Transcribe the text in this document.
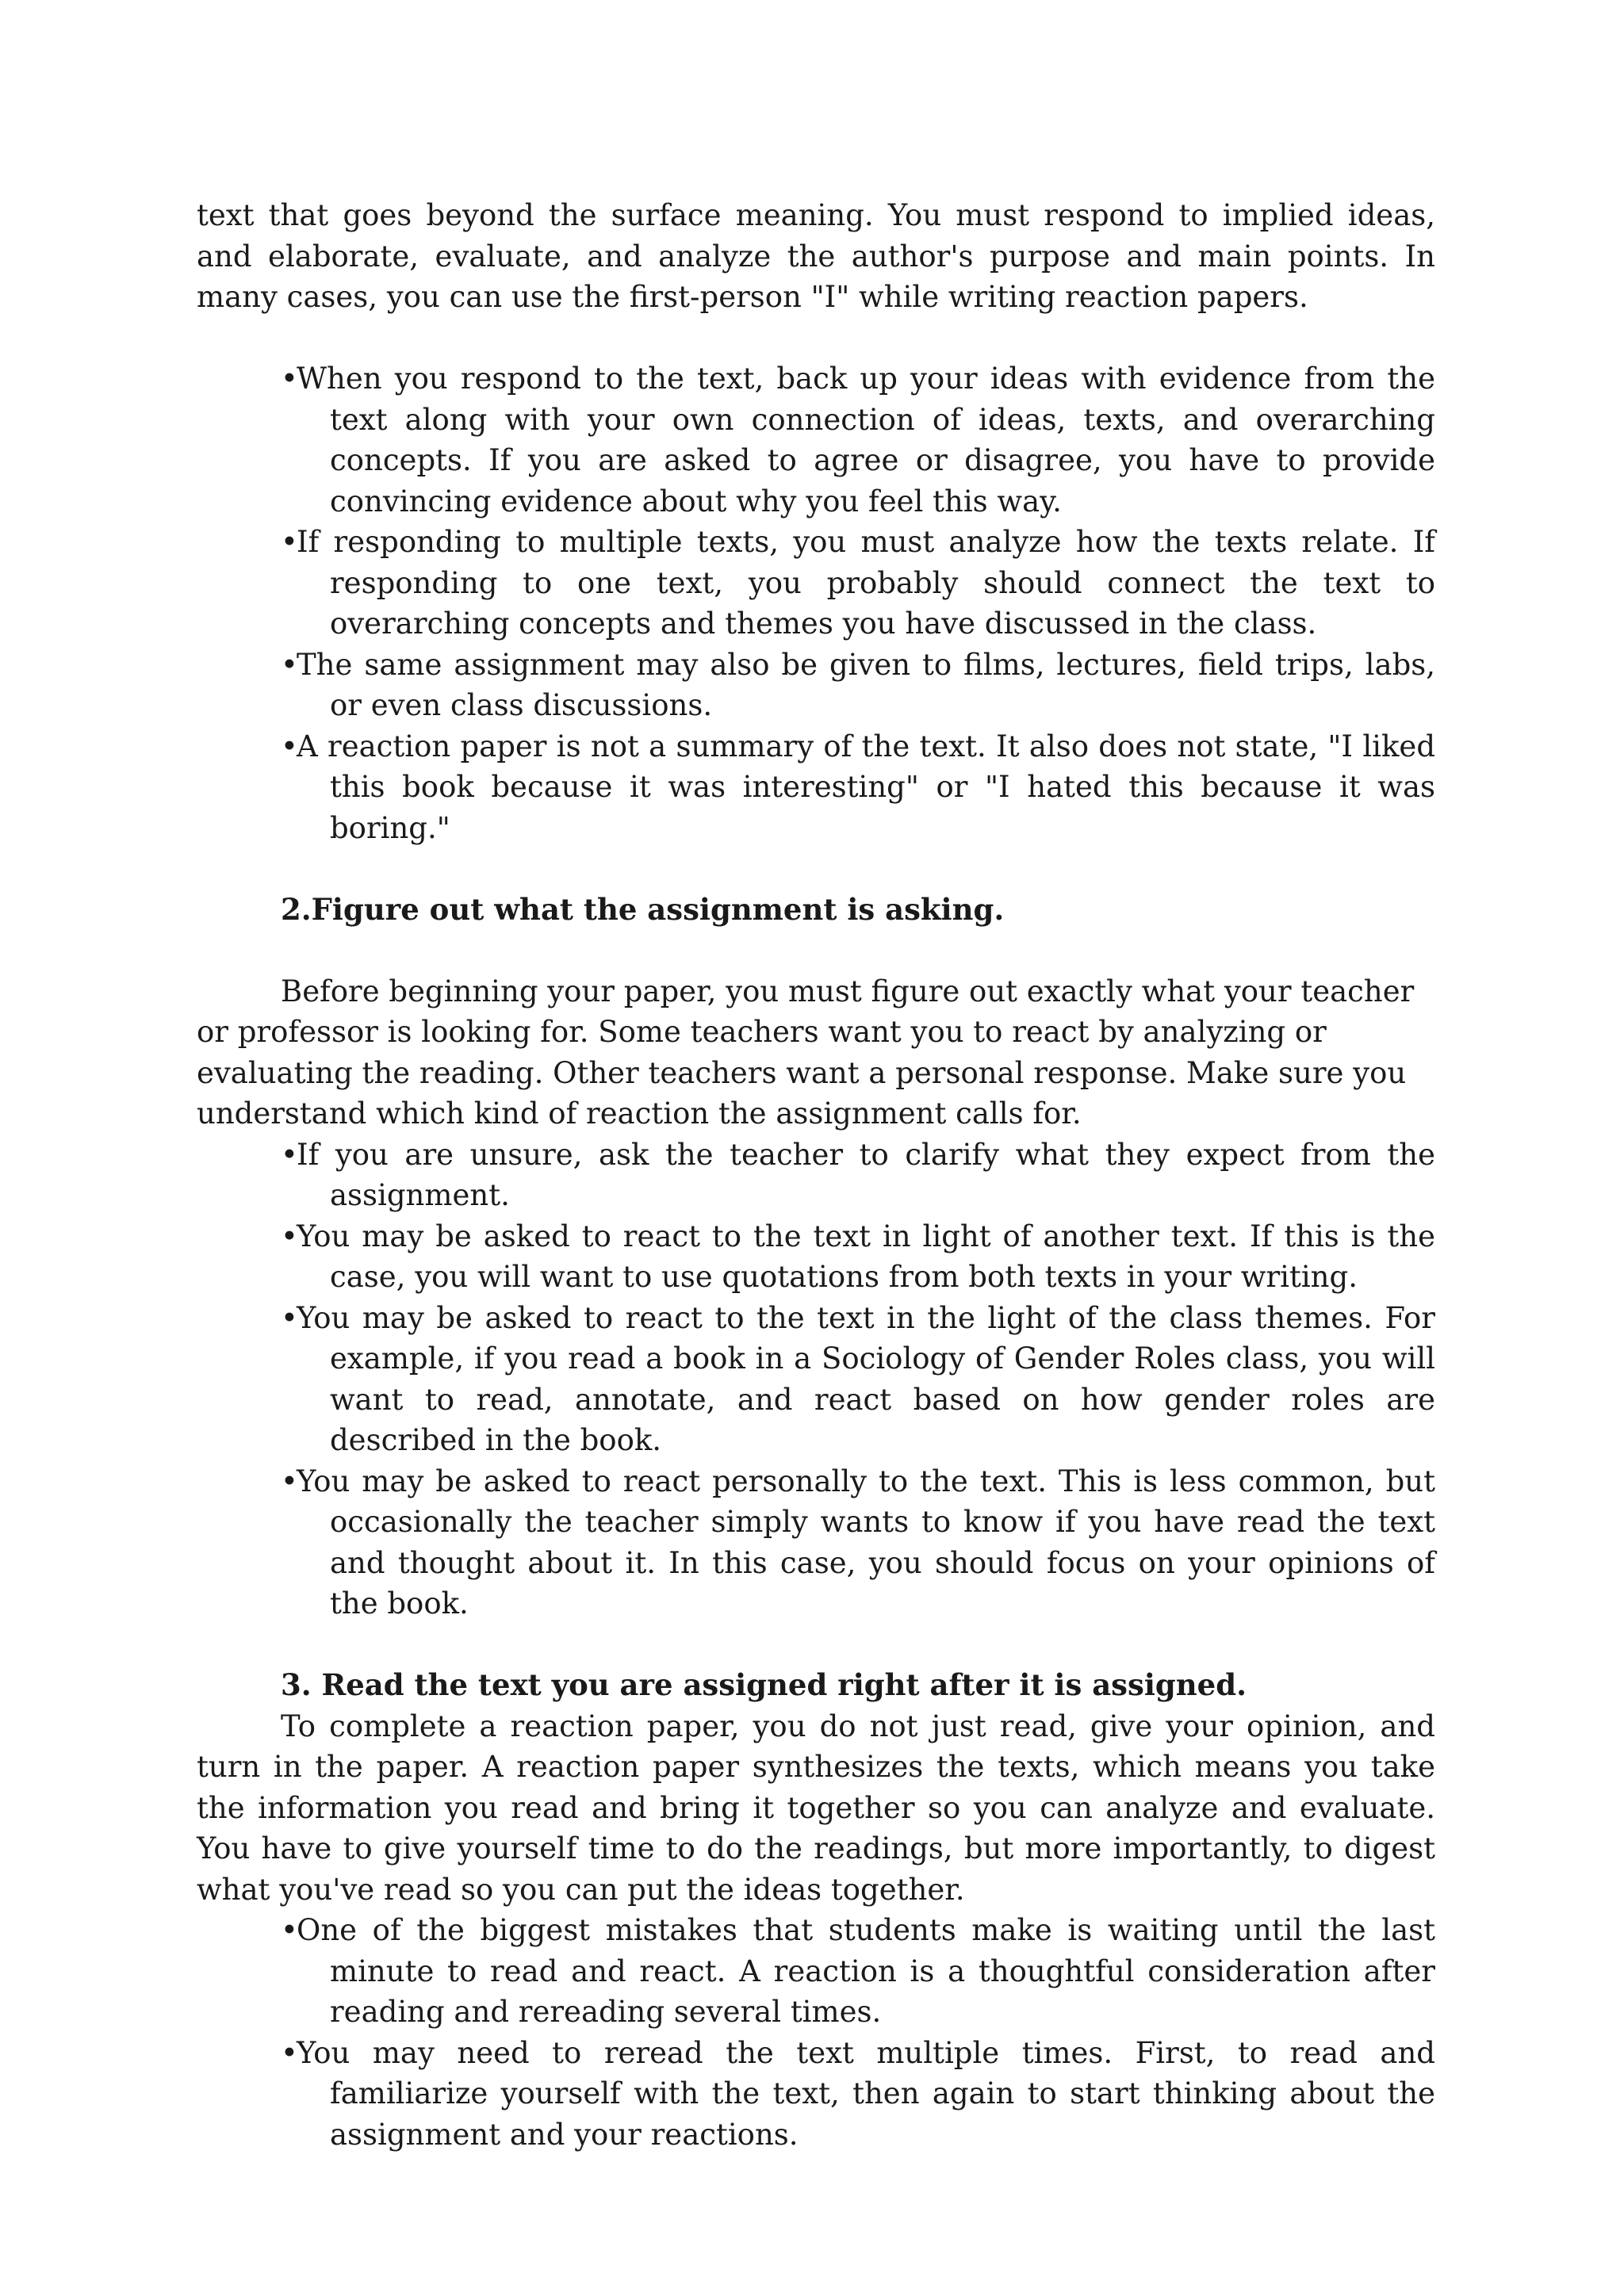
text that goes beyond the surface meaning. You must respond to implied ideas, and elaborate, evaluate, and analyze the author's purpose and main points. In many cases, you can use the first-person "I" while writing reaction papers.

•When you respond to the text, back up your ideas with evidence from the text along with your own connection of ideas, texts, and overarching concepts. If you are asked to agree or disagree, you have to provide convincing evidence about why you feel this way.
•If responding to multiple texts, you must analyze how the texts relate. If responding to one text, you probably should connect the text to overarching concepts and themes you have discussed in the class.
•The same assignment may also be given to films, lectures, field trips, labs, or even class discussions.
•A reaction paper is not a summary of the text. It also does not state, "I liked this book because it was interesting" or "I hated this because it was boring."

2.Figure out what the assignment is asking.

Before beginning your paper, you must figure out exactly what your teacher or professor is looking for. Some teachers want you to react by analyzing or evaluating the reading. Other teachers want a personal response. Make sure you understand which kind of reaction the assignment calls for.

•If you are unsure, ask the teacher to clarify what they expect from the assignment.
•You may be asked to react to the text in light of another text. If this is the case, you will want to use quotations from both texts in your writing.
•You may be asked to react to the text in the light of the class themes. For example, if you read a book in a Sociology of Gender Roles class, you will want to read, annotate, and react based on how gender roles are described in the book.
•You may be asked to react personally to the text. This is less common, but occasionally the teacher simply wants to know if you have read the text and thought about it. In this case, you should focus on your opinions of the book.

3. Read the text you are assigned right after it is assigned.

To complete a reaction paper, you do not just read, give your opinion, and turn in the paper. A reaction paper synthesizes the texts, which means you take the information you read and bring it together so you can analyze and evaluate. You have to give yourself time to do the readings, but more importantly, to digest what you've read so you can put the ideas together.

•One of the biggest mistakes that students make is waiting until the last minute to read and react. A reaction is a thoughtful consideration after reading and rereading several times.
•You may need to reread the text multiple times. First, to read and familiarize yourself with the text, then again to start thinking about the assignment and your reactions.
